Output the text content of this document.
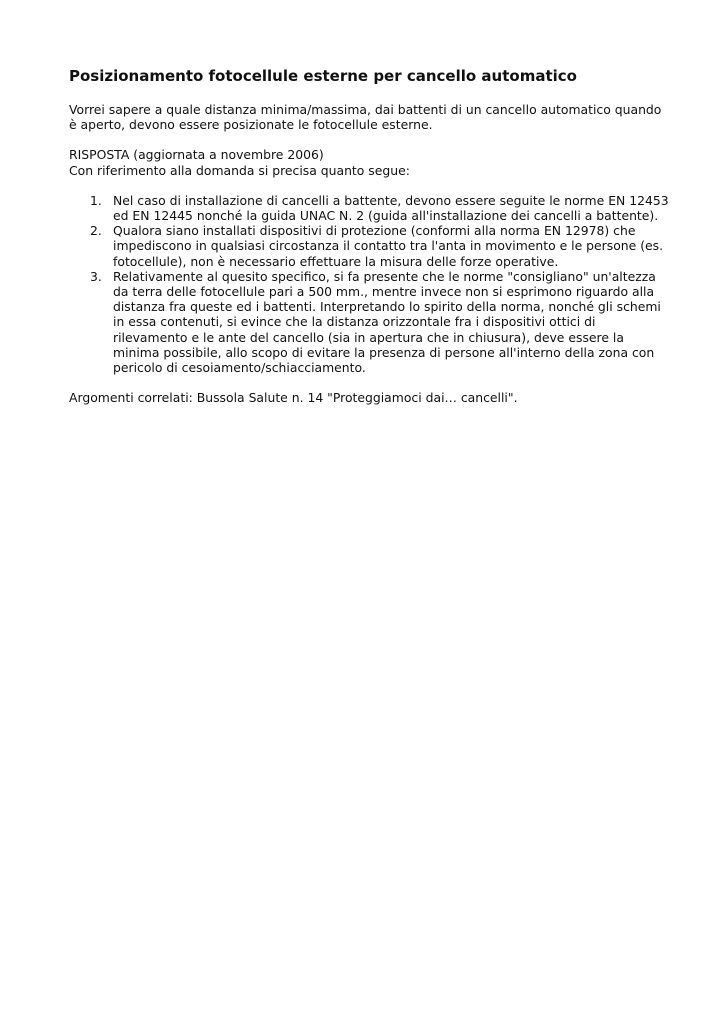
Posizionamento fotocellule esterne per cancello automatico

Vorrei sapere a quale distanza minima/massima, dai battenti di un cancello automatico quando è aperto, devono essere posizionate le fotocellule esterne.

RISPOSTA (aggiornata a novembre 2006)
Con riferimento alla domanda si precisa quanto segue:
1. Nel caso di installazione di cancelli a battente, devono essere seguite le norme EN 12453 ed EN 12445 nonché la guida UNAC N. 2 (guida all'installazione dei cancelli a battente).
2. Qualora siano installati dispositivi di protezione (conformi alla norma EN 12978) che impediscono in qualsiasi circostanza il contatto tra l'anta in movimento e le persone (es. fotocellule), non è necessario effettuare la misura delle forze operative.
3. Relativamente al quesito specifico, si fa presente che le norme "consigliano" un'altezza da terra delle fotocellule pari a 500 mm., mentre invece non si esprimono riguardo alla distanza fra queste ed i battenti. Interpretando lo spirito della norma, nonché gli schemi in essa contenuti, si evince che la distanza orizzontale fra i dispositivi ottici di rilevamento e le ante del cancello (sia in apertura che in chiusura), deve essere la minima possibile, allo scopo di evitare la presenza di persone all'interno della zona con pericolo di cesoiamento/schiacciamento.

Argomenti correlati: Bussola Salute n. 14 "Proteggiamoci dai… cancelli".
